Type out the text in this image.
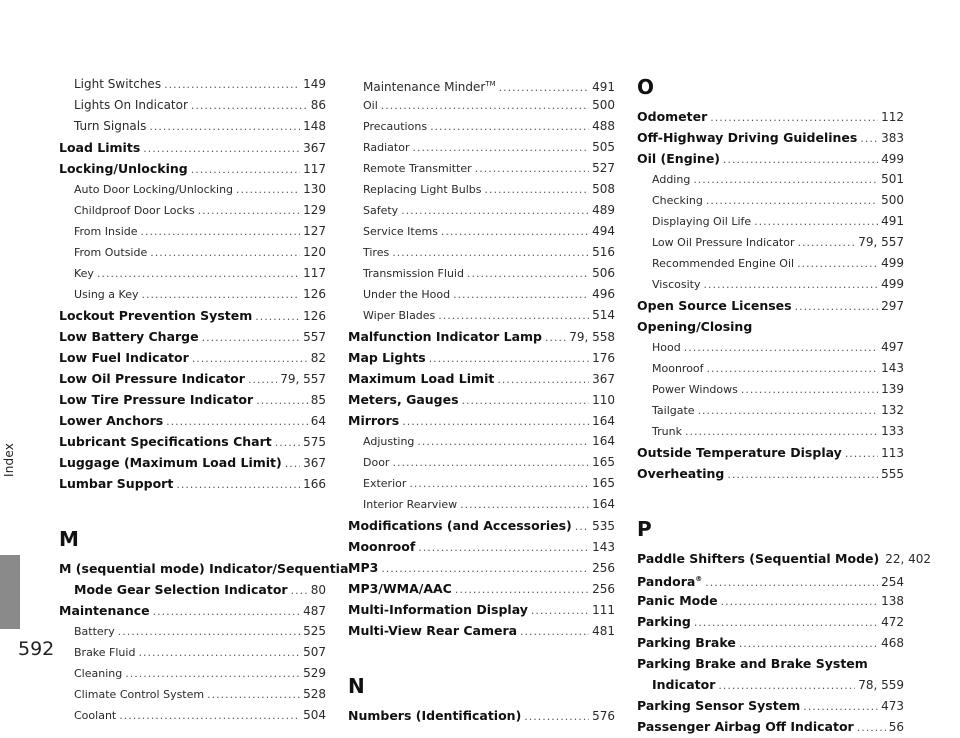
Index
592
Light Switches .....	149
Lights On Indicator .....	86
Turn Signals .....	148
Load Limits .....	367
Locking/Unlocking .....	117
Auto Door Locking/Unlocking .....	130
Childproof Door Locks .....	129
From Inside .....	127
From Outside .....	120
Key .....	117
Using a Key .....	126
Lockout Prevention System .....	126
Low Battery Charge .....	557
Low Fuel Indicator .....	82
Low Oil Pressure Indicator .....	79, 557
Low Tire Pressure Indicator .....	85
Lower Anchors .....	64
Lubricant Specifications Chart .....	575
Luggage (Maximum Load Limit) ..... 367
Lumbar Support .....	166
M
M (sequential mode) Indicator/Sequential
Mode Gear Selection Indicator ..... 80
Maintenance .....	487
Battery .....	525
Brake Fluid .....	507
Cleaning .....	529
Climate Control System .....	528
Coolant .....	504
Maintenance Minder™ .....	491
Oil .....	500
Precautions .....	488
Radiator .....	505
Remote Transmitter .....	527
Replacing Light Bulbs .....	508
Safety .....	489
Service Items .....	494
Tires .....	516
Transmission Fluid .....	506
Under the Hood .....	496
Wiper Blades .....	514
Malfunction Indicator Lamp ..... 79, 558
Map Lights .....	176
Maximum Load Limit .....	367
Meters, Gauges .....	110
Mirrors .....	164
Adjusting .....	164
Door .....	165
Exterior .....	165
Interior Rearview .....	164
Modifications (and Accessories) ..... 535
Moonroof .....	143
MP3 .....	256
MP3/WMA/AAC .....	256
Multi-Information Display .....	111
Multi-View Rear Camera .....	481
N
Numbers (Identification) .....	576
O
Odometer .....	112
Off-Highway Driving Guidelines ..... 383
Oil (Engine) .....	499
Adding .....	501
Checking .....	500
Displaying Oil Life .....	491
Low Oil Pressure Indicator .....	79, 557
Recommended Engine Oil .....	499
Viscosity .....	499
Open Source Licenses .....	297
Opening/Closing
Hood .....	497
Moonroof .....	143
Power Windows .....	139
Tailgate .....	132
Trunk .....	133
Outside Temperature Display .....	113
Overheating .....	555
P
Paddle Shifters (Sequential Mode) 22, 402
Pandora® .....	254
Panic Mode .....	138
Parking .....	472
Parking Brake .....	468
Parking Brake and Brake System
Indicator .....	78, 559
Parking Sensor System .....	473
Passenger Airbag Off Indicator .....	56
